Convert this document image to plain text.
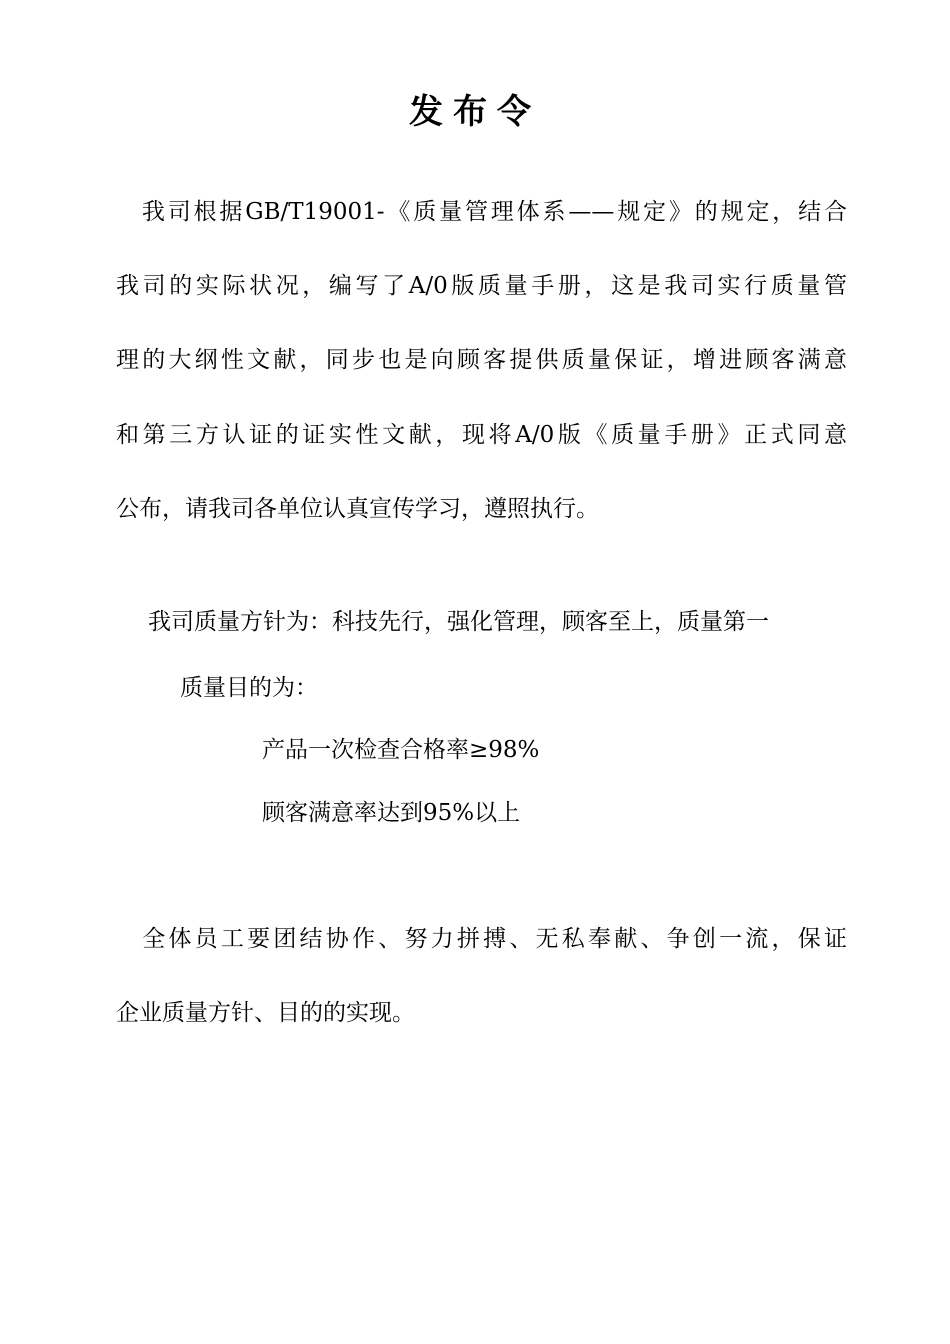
发布令
　我司根据GB/T19001-《质量管理体系——规定》的规定，结合
我司的实际状况，编写了A/0版质量手册，这是我司实行质量管
理的大纲性文献，同步也是向顾客提供质量保证，增进顾客满意
和第三方认证的证实性文献，现将A/0版《质量手册》正式同意
公布，请我司各单位认真宣传学习，遵照执行。
我司质量方针为：科技先行，强化管理，顾客至上，质量第一
质量目的为：
产品一次检查合格率≥98%
顾客满意率达到95%以上
　全体员工要团结协作、努力拼搏、无私奉献、争创一流，保证
企业质量方针、目的的实现。
